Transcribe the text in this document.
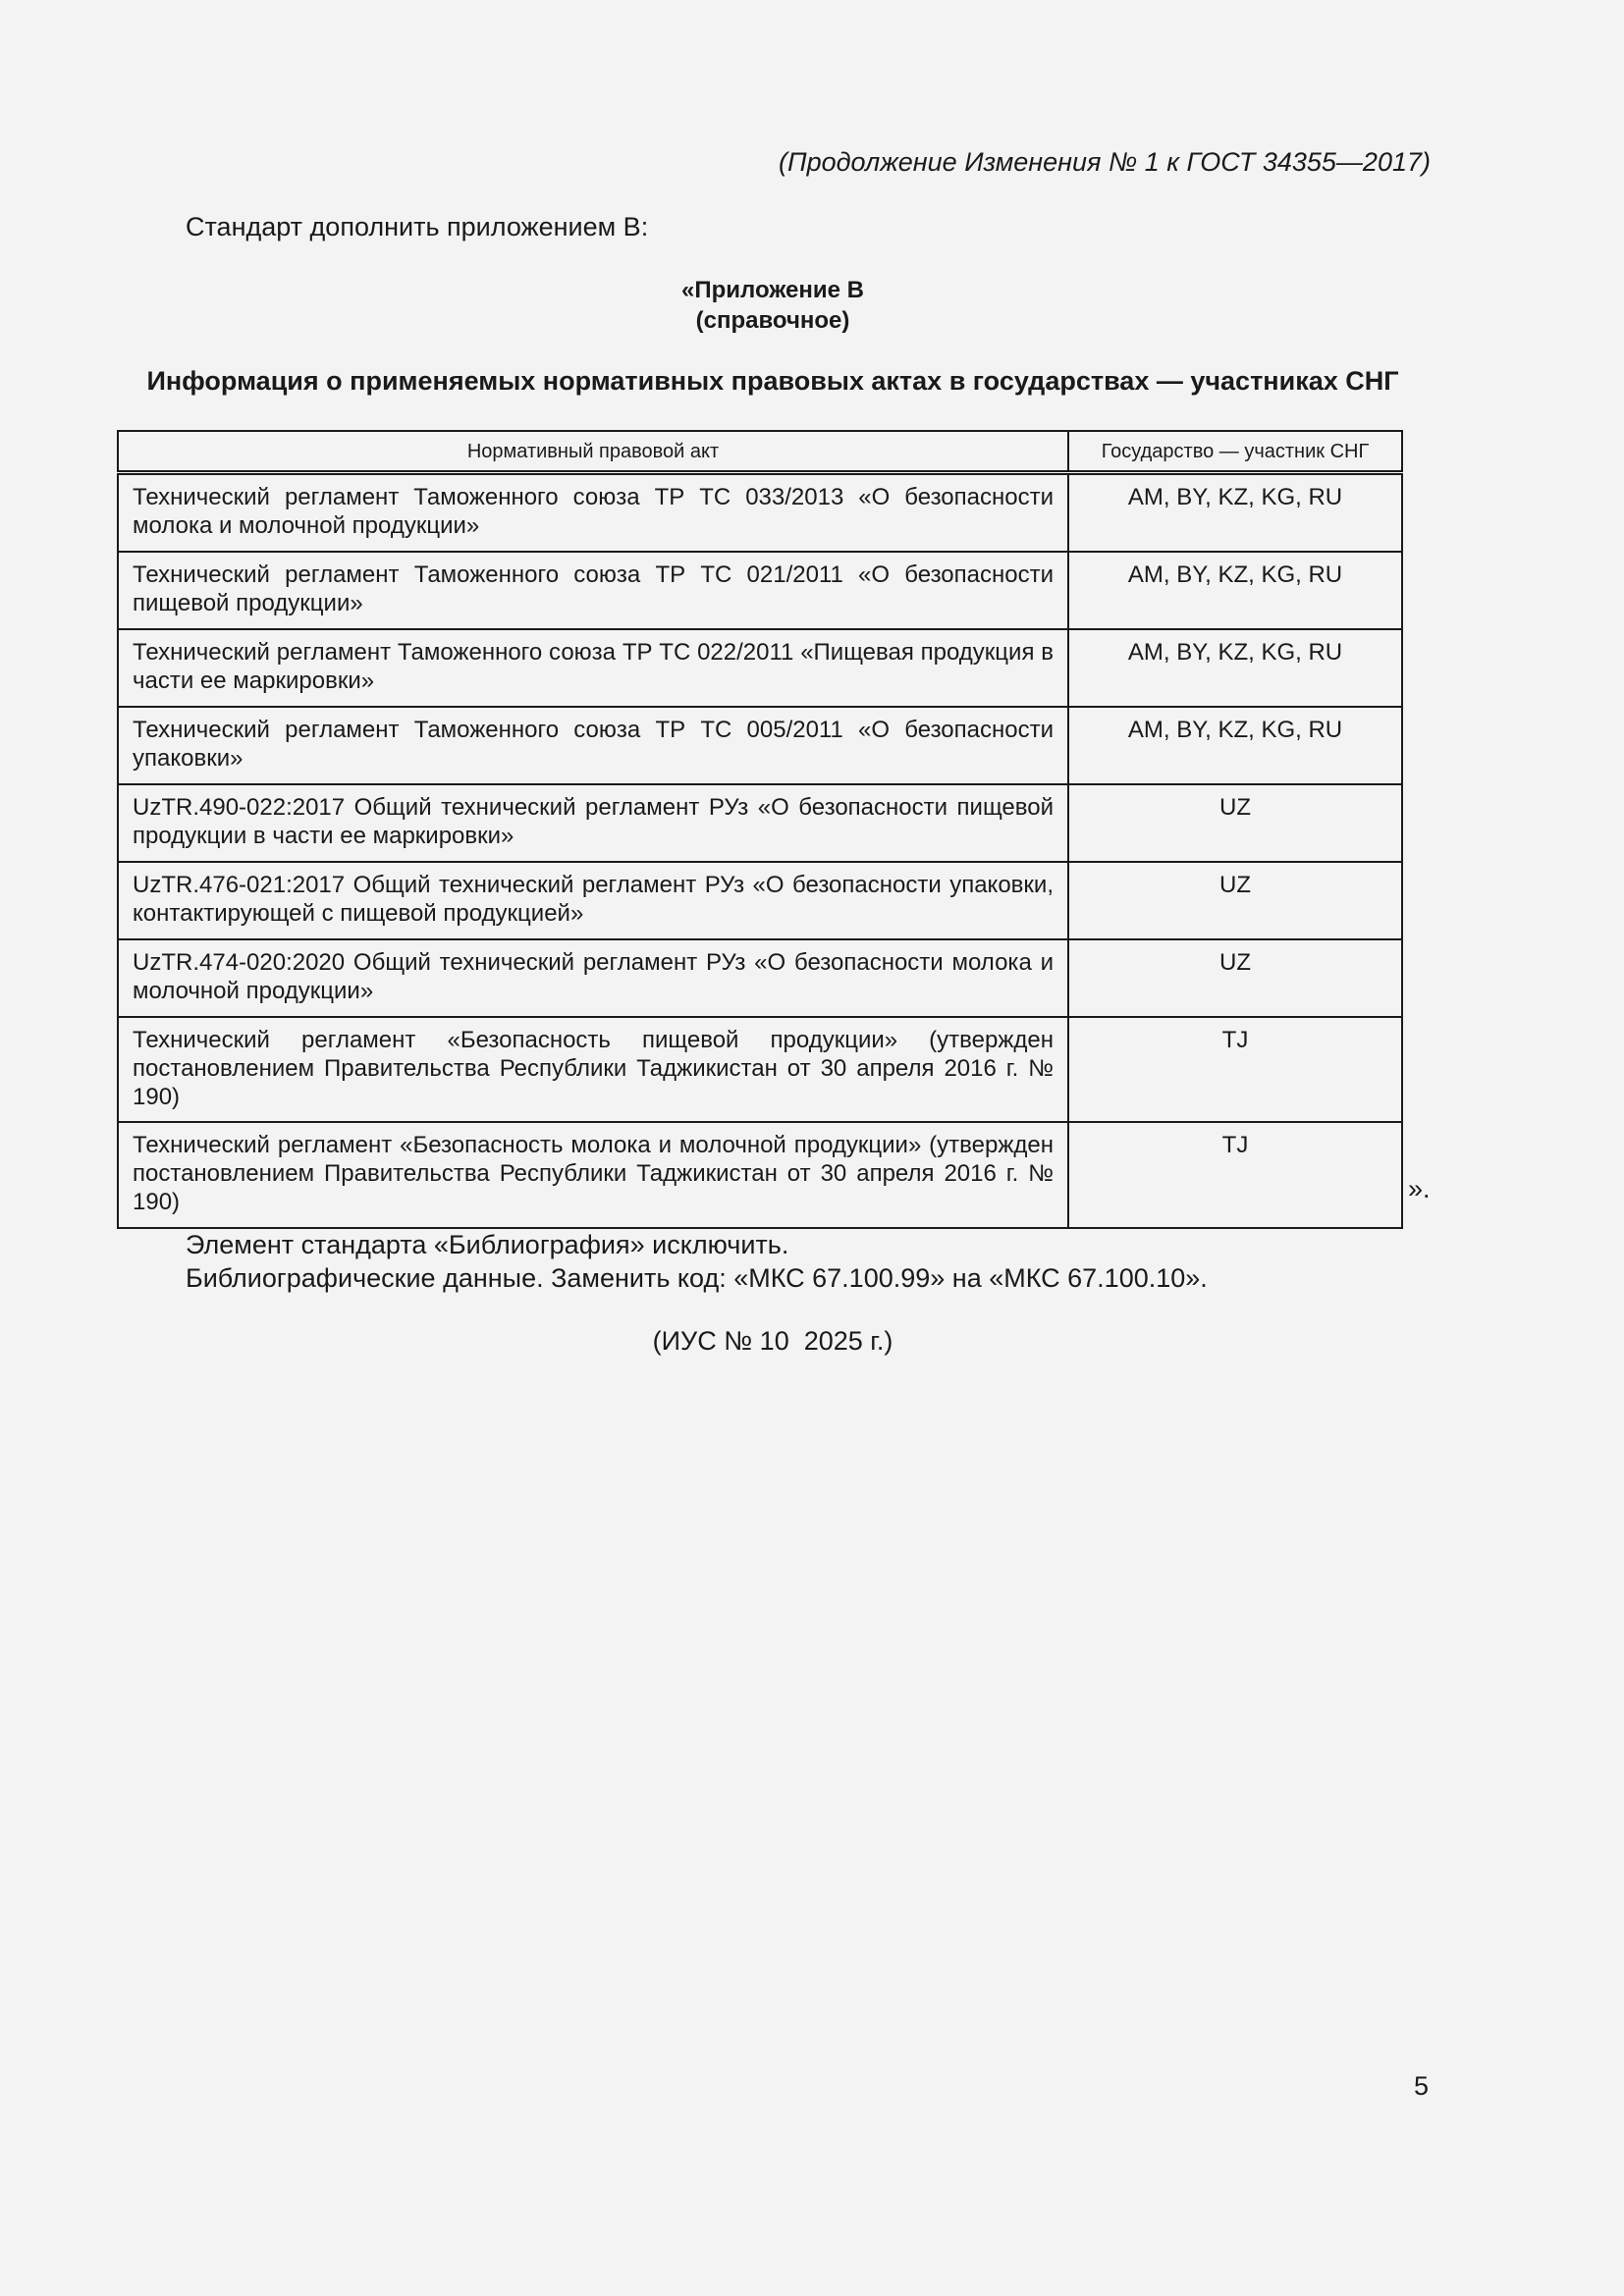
(Продолжение Изменения № 1 к ГОСТ 34355—2017)
Стандарт дополнить приложением В:
«Приложение В
(справочное)
Информация о применяемых нормативных правовых актах в государствах — участниках СНГ
Нормативный правовой акт	Государство — участник СНГ
Технический регламент Таможенного союза ТР ТС 033/2013 «О безопасности молока и молочной продукции»	AM, BY, KZ, KG, RU
Технический регламент Таможенного союза ТР ТС 021/2011 «О безопасности пищевой продукции»	AM, BY, KZ, KG, RU
Технический регламент Таможенного союза ТР ТС 022/2011 «Пищевая продукция в части ее маркировки»	AM, BY, KZ, KG, RU
Технический регламент Таможенного союза ТР ТС 005/2011 «О безопасности упаковки»	AM, BY, KZ, KG, RU
UzTR.490-022:2017 Общий технический регламент РУз «О безопасности пищевой продукции в части ее маркировки»	UZ
UzTR.476-021:2017 Общий технический регламент РУз «О безопасности упаковки, контактирующей с пищевой продукцией»	UZ
UzTR.474-020:2020 Общий технический регламент РУз «О безопасности молока и молочной продукции»	UZ
Технический регламент «Безопасность пищевой продукции» (утвержден постановлением Правительства Республики Таджикистан от 30 апреля 2016 г. № 190)	TJ
Технический регламент «Безопасность молока и молочной продукции» (утвержден постановлением Правительства Республики Таджикистан от 30 апреля 2016 г. № 190)	TJ
».
Элемент стандарта «Библиография» исключить.
Библиографические данные. Заменить код: «МКС 67.100.99» на «МКС 67.100.10».
(ИУС № 10  2025 г.)
5
